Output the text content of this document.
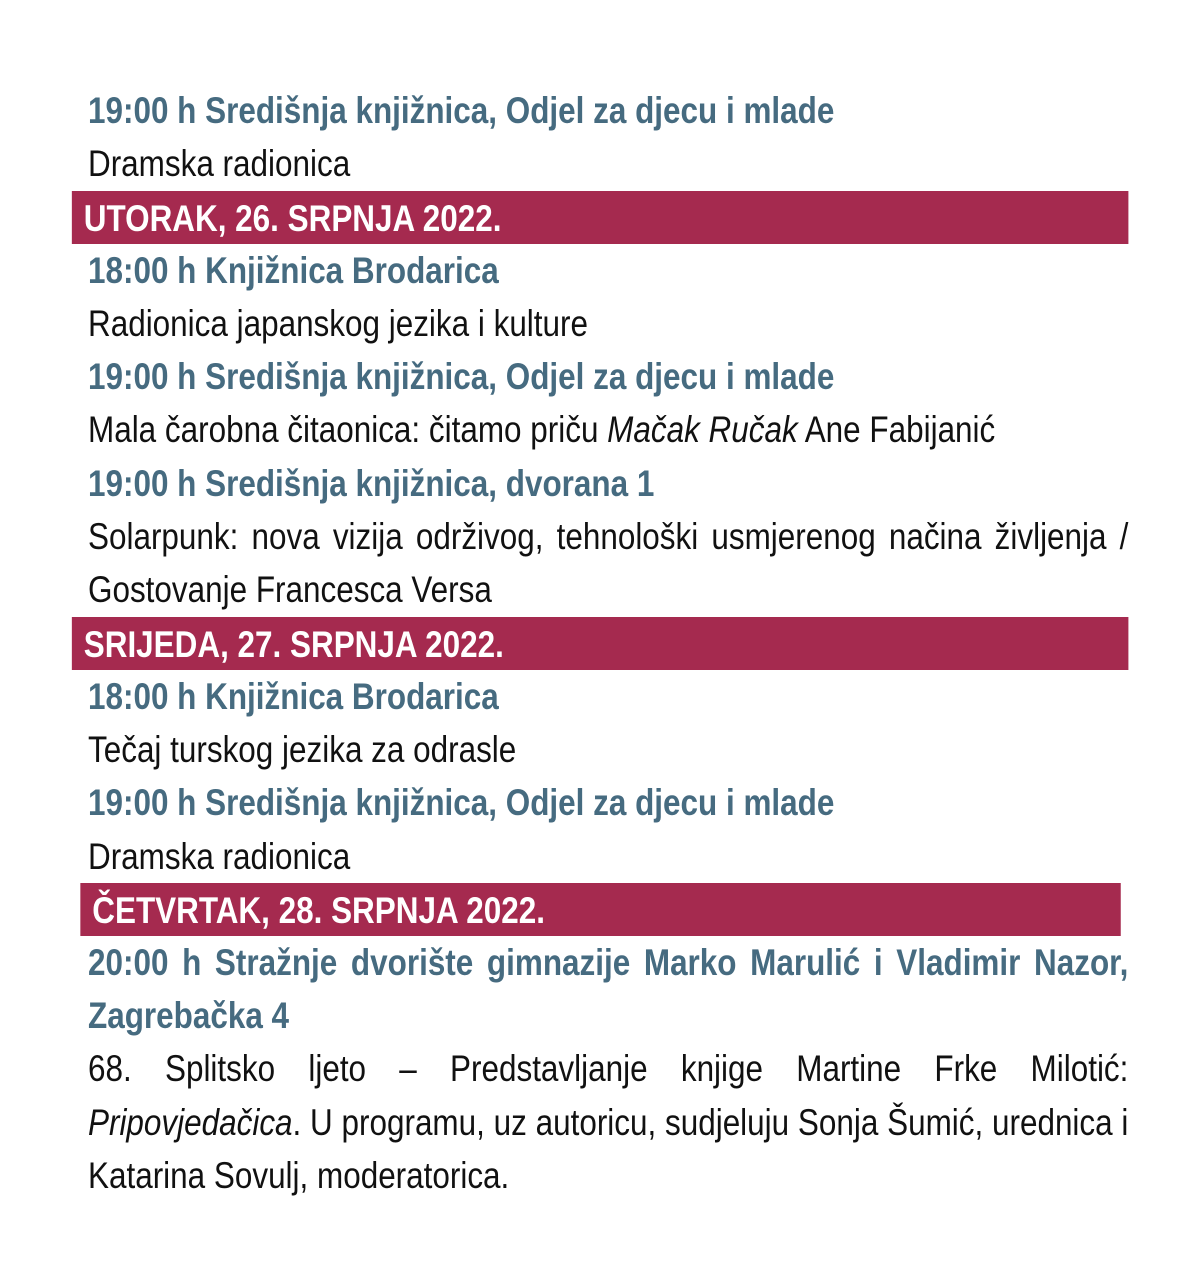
19:00 h Središnja knjižnica, Odjel za djecu i mlade
Dramska radionica
UTORAK, 26. SRPNJA 2022.
18:00 h Knjižnica Brodarica
Radionica japanskog jezika i kulture
19:00 h Središnja knjižnica, Odjel za djecu i mlade
Mala čarobna čitaonica: čitamo priču Mačak Ručak Ane Fabijanić
19:00 h Središnja knjižnica, dvorana 1
Solarpunk: nova vizija održivog, tehnološki usmjerenog načina življenja / Gostovanje Francesca Versa
SRIJEDA, 27. SRPNJA 2022.
18:00 h Knjižnica Brodarica
Tečaj turskog jezika za odrasle
19:00 h Središnja knjižnica, Odjel za djecu i mlade
Dramska radionica
ČETVRTAK, 28. SRPNJA 2022.
20:00 h Stražnje dvorište gimnazije Marko Marulić i Vladimir Nazor, Zagrebačka 4
68. Splitsko ljeto – Predstavljanje knjige Martine Frke Milotić: Pripovjedačica. U programu, uz autoricu, sudjeluju Sonja Šumić, urednica i Katarina Sovulj, moderatorica.
